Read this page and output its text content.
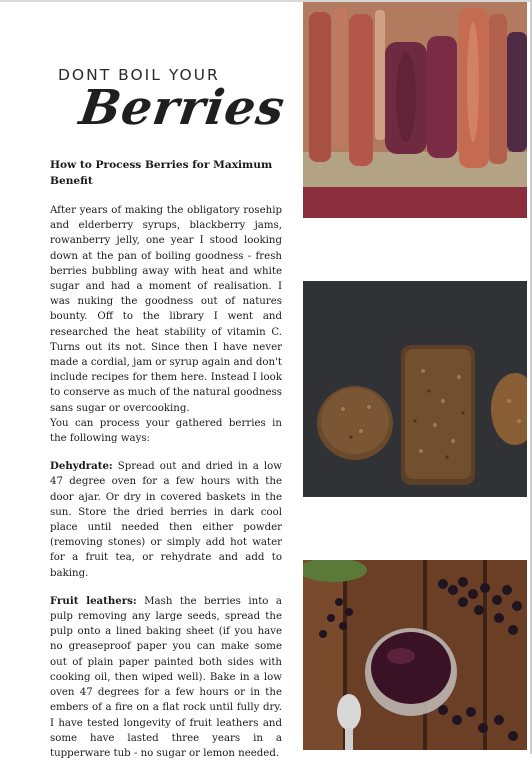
DONT BOIL YOUR
Berries
How to Process Berries for Maximum Benefit

After years of making the obligatory rosehip and elderberry syrups, blackberry jams, rowanberry jelly, one year I stood looking down at the pan of boiling goodness - fresh berries bubbling away with heat and white sugar and had a moment of realisation. I was nuking the goodness out of natures bounty. Off to the library I went and researched the heat stability of vitamin C. Turns out its not. Since then I have never made a cordial, jam or syrup again and don't include recipes for them here. Instead I look to conserve as much of the natural goodness sans sugar or overcooking.

You can process your gathered berries in the following ways:

Dehydrate: Spread out and dried in a low 47 degree oven for a few hours with the door ajar. Or dry in covered baskets in the sun. Store the dried berries in dark cool place until needed then either powder (removing stones) or simply add hot water for a fruit tea, or rehydrate and add to baking.

Fruit leathers: Mash the berries into a pulp removing any large seeds, spread the pulp onto a lined baking sheet (if you have no greaseproof paper you can make some out of plain paper painted both sides with cooking oil, then wiped well). Bake in a low oven 47 degrees for a few hours or in the embers of a fire on a flat rock until fully dry. I have tested longevity of fruit leathers and some have lasted three years in a tupperware tub - no sugar or lemon needed.
